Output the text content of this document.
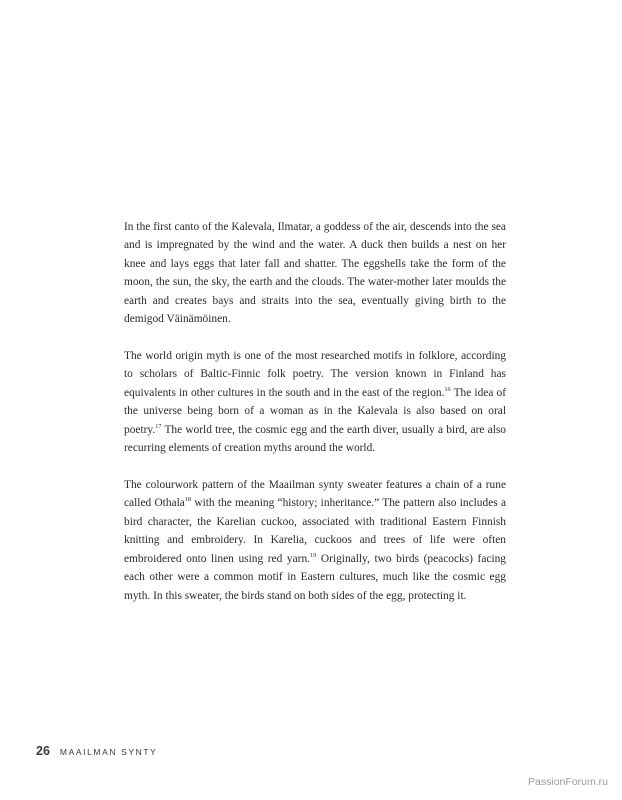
In the first canto of the Kalevala, Ilmatar, a goddess of the air, descends into the sea and is impregnated by the wind and the water. A duck then builds a nest on her knee and lays eggs that later fall and shatter. The eggshells take the form of the moon, the sun, the sky, the earth and the clouds. The water-mother later moulds the earth and creates bays and straits into the sea, eventually giving birth to the demigod Väinämöinen.

The world origin myth is one of the most researched motifs in folklore, according to scholars of Baltic-Finnic folk poetry. The version known in Finland has equivalents in other cultures in the south and in the east of the region.$^{16}$ The idea of the universe being born of a woman as in the Kalevala is also based on oral poetry.$^{17}$ The world tree, the cosmic egg and the earth diver, usually a bird, are also recurring elements of creation myths around the world.

The colourwork pattern of the Maailman synty sweater features a chain of a rune called Othala$^{18}$ with the meaning “history; inheritance.” The pattern also includes a bird character, the Karelian cuckoo, associated with traditional Eastern Finnish knitting and embroidery. In Karelia, cuckoos and trees of life were often embroidered onto linen using red yarn.$^{19}$ Originally, two birds (peacocks) facing each other were a common motif in Eastern cultures, much like the cosmic egg myth. In this sweater, the birds stand on both sides of the egg, protecting it.

26 MAAILMAN SYNTY
PassionForum.ru
